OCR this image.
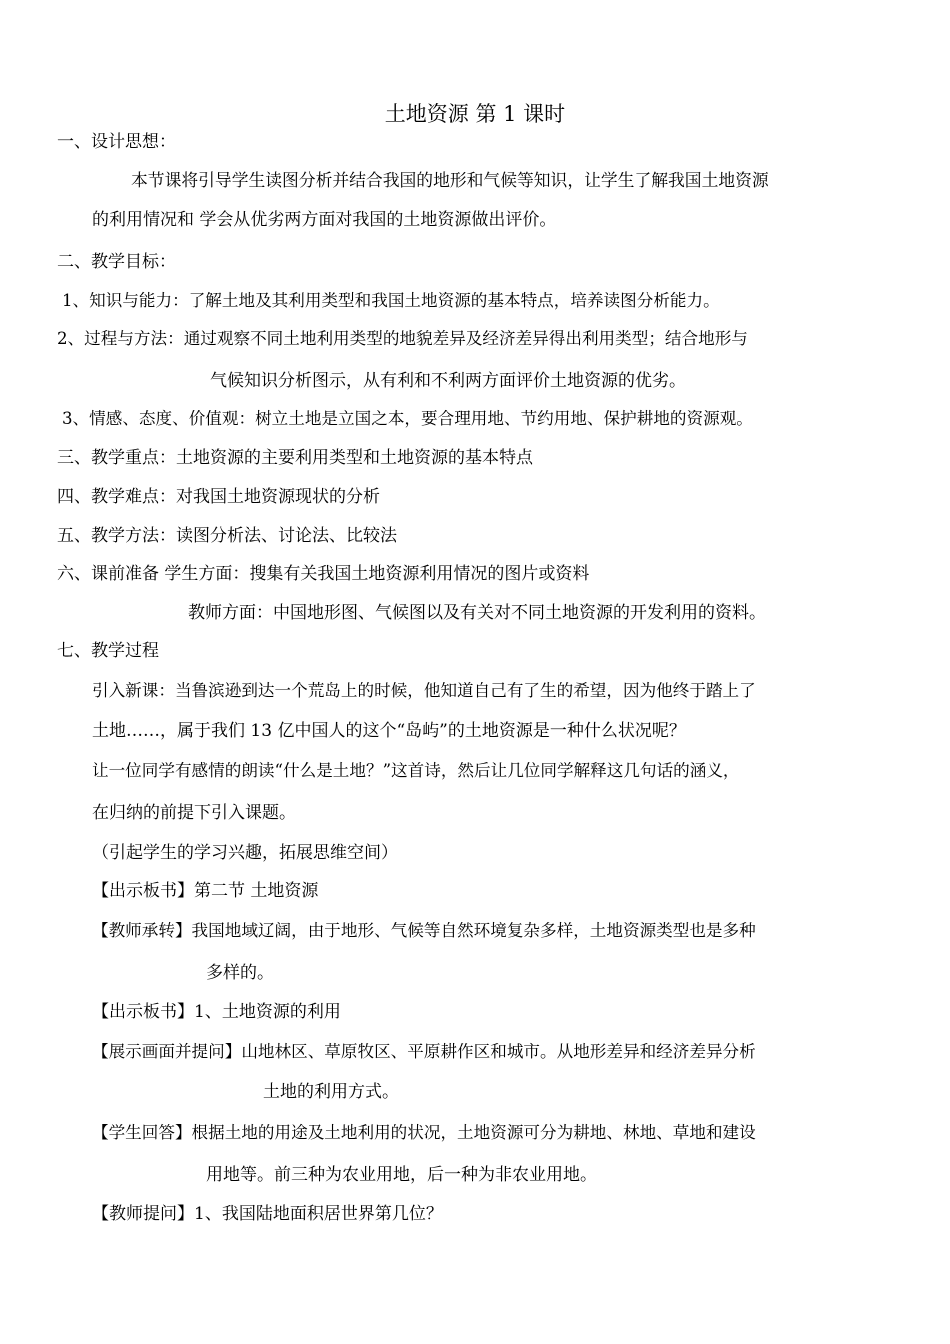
土地资源 第 1 课时
一、设计思想：
本节课将引导学生读图分析并结合我国的地形和气候等知识，让学生了解我国土地资源
的利用情况和 学会从优劣两方面对我国的土地资源做出评价。
二、教学目标：
1、知识与能力：了解土地及其利用类型和我国土地资源的基本特点，培养读图分析能力。
2、过程与方法：通过观察不同土地利用类型的地貌差异及经济差异得出利用类型；结合地形与
气候知识分析图示，从有利和不利两方面评价土地资源的优劣。
3、情感、态度、价值观：树立土地是立国之本，要合理用地、节约用地、保护耕地的资源观。
三、教学重点：土地资源的主要利用类型和土地资源的基本特点
四、教学难点：对我国土地资源现状的分析
五、教学方法：读图分析法、讨论法、比较法
六、课前准备 学生方面：搜集有关我国土地资源利用情况的图片或资料
教师方面：中国地形图、气候图以及有关对不同土地资源的开发利用的资料。
七、教学过程
引入新课：当鲁滨逊到达一个荒岛上的时候，他知道自己有了生的希望，因为他终于踏上了
土地……，属于我们 13 亿中国人的这个“岛屿”的土地资源是一种什么状况呢？
让一位同学有感情的朗读“什么是土地？”这首诗，然后让几位同学解释这几句话的涵义，
在归纳的前提下引入课题。
（引起学生的学习兴趣，拓展思维空间）
【出示板书】第二节 土地资源
【教师承转】我国地域辽阔，由于地形、气候等自然环境复杂多样，土地资源类型也是多种
多样的。
【出示板书】1、土地资源的利用
【展示画面并提问】山地林区、草原牧区、平原耕作区和城市。从地形差异和经济差异分析
土地的利用方式。
【学生回答】根据土地的用途及土地利用的状况，土地资源可分为耕地、林地、草地和建设
用地等。前三种为农业用地，后一种为非农业用地。
【教师提问】1、我国陆地面积居世界第几位？
